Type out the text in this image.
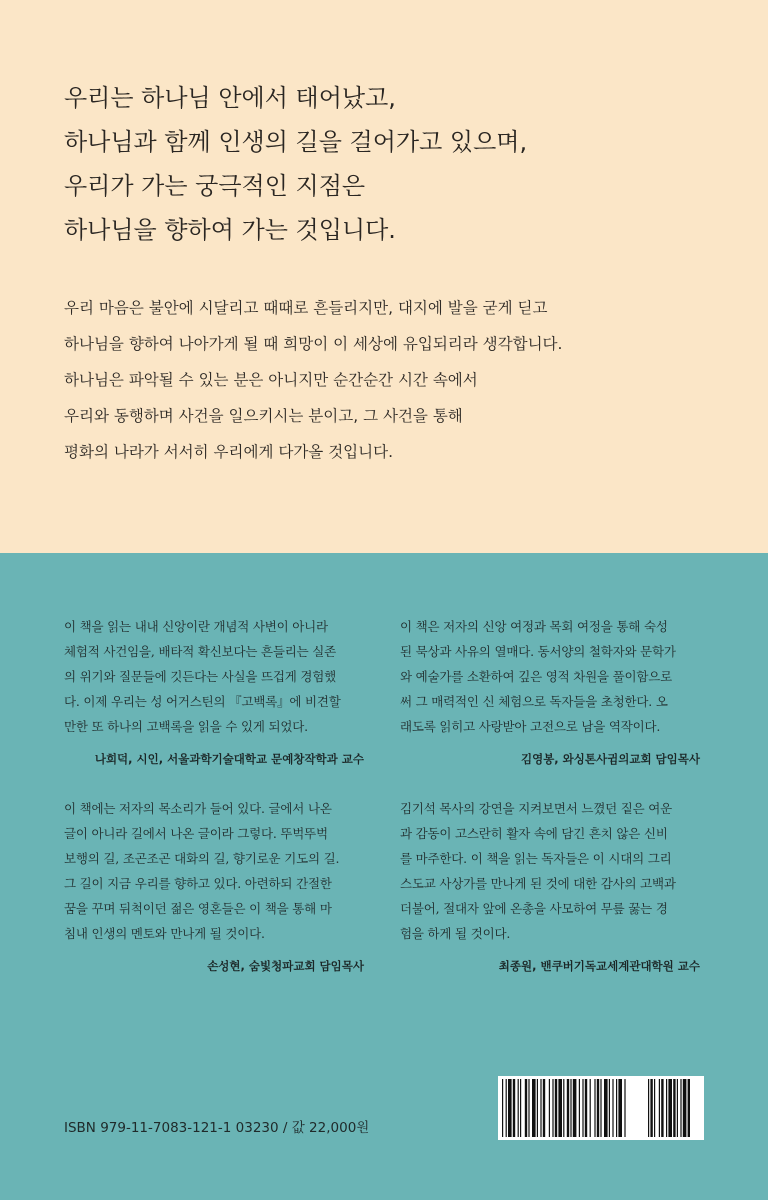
우리는 하나님 안에서 태어났고,
하나님과 함께 인생의 길을 걸어가고 있으며,
우리가 가는 궁극적인 지점은
하나님을 향하여 가는 것입니다.
우리 마음은 불안에 시달리고 때때로 흔들리지만, 대지에 발을 굳게 딛고
하나님을 향하여 나아가게 될 때 희망이 이 세상에 유입되리라 생각합니다.
하나님은 파악될 수 있는 분은 아니지만 순간순간 시간 속에서
우리와 동행하며 사건을 일으키시는 분이고, 그 사건을 통해
평화의 나라가 서서히 우리에게 다가올 것입니다.
이 책을 읽는 내내 신앙이란 개념적 사변이 아니라
체험적 사건임을, 배타적 확신보다는 흔들리는 실존
의 위기와 질문들에 깃든다는 사실을 뜨겁게 경험했
다. 이제 우리는 성 어거스틴의 『고백록』에 비견할
만한 또 하나의 고백록을 읽을 수 있게 되었다.
나희덕, 시인, 서울과학기술대학교 문예창작학과 교수
이 책은 저자의 신앙 여정과 목회 여정을 통해 숙성
된 묵상과 사유의 열매다. 동서양의 철학자와 문학가
와 예술가를 소환하여 깊은 영적 차원을 풀이함으로
써 그 매력적인 신 체험으로 독자들을 초청한다. 오
래도록 읽히고 사랑받아 고전으로 남을 역작이다.
김영봉, 와싱톤사귐의교회 담임목사
이 책에는 저자의 목소리가 들어 있다. 글에서 나온
글이 아니라 길에서 나온 글이라 그렇다. 뚜벅뚜벅
보행의 길, 조곤조곤 대화의 길, 향기로운 기도의 길.
그 길이 지금 우리를 향하고 있다. 아련하되 간절한
꿈을 꾸며 뒤척이던 젊은 영혼들은 이 책을 통해 마
침내 인생의 멘토와 만나게 될 것이다.
손성현, 숨빛청파교회 담임목사
김기석 목사의 강연을 지켜보면서 느꼈던 짙은 여운
과 감동이 고스란히 활자 속에 담긴 흔치 않은 신비
를 마주한다. 이 책을 읽는 독자들은 이 시대의 그리
스도교 사상가를 만나게 된 것에 대한 감사의 고백과
더불어, 절대자 앞에 온총을 사모하여 무릎 꿇는 경
험을 하게 될 것이다.
최종원, 밴쿠버기독교세계관대학원 교수
ISBN 979-11-7083-121-1 03230 / 값 22,000원
